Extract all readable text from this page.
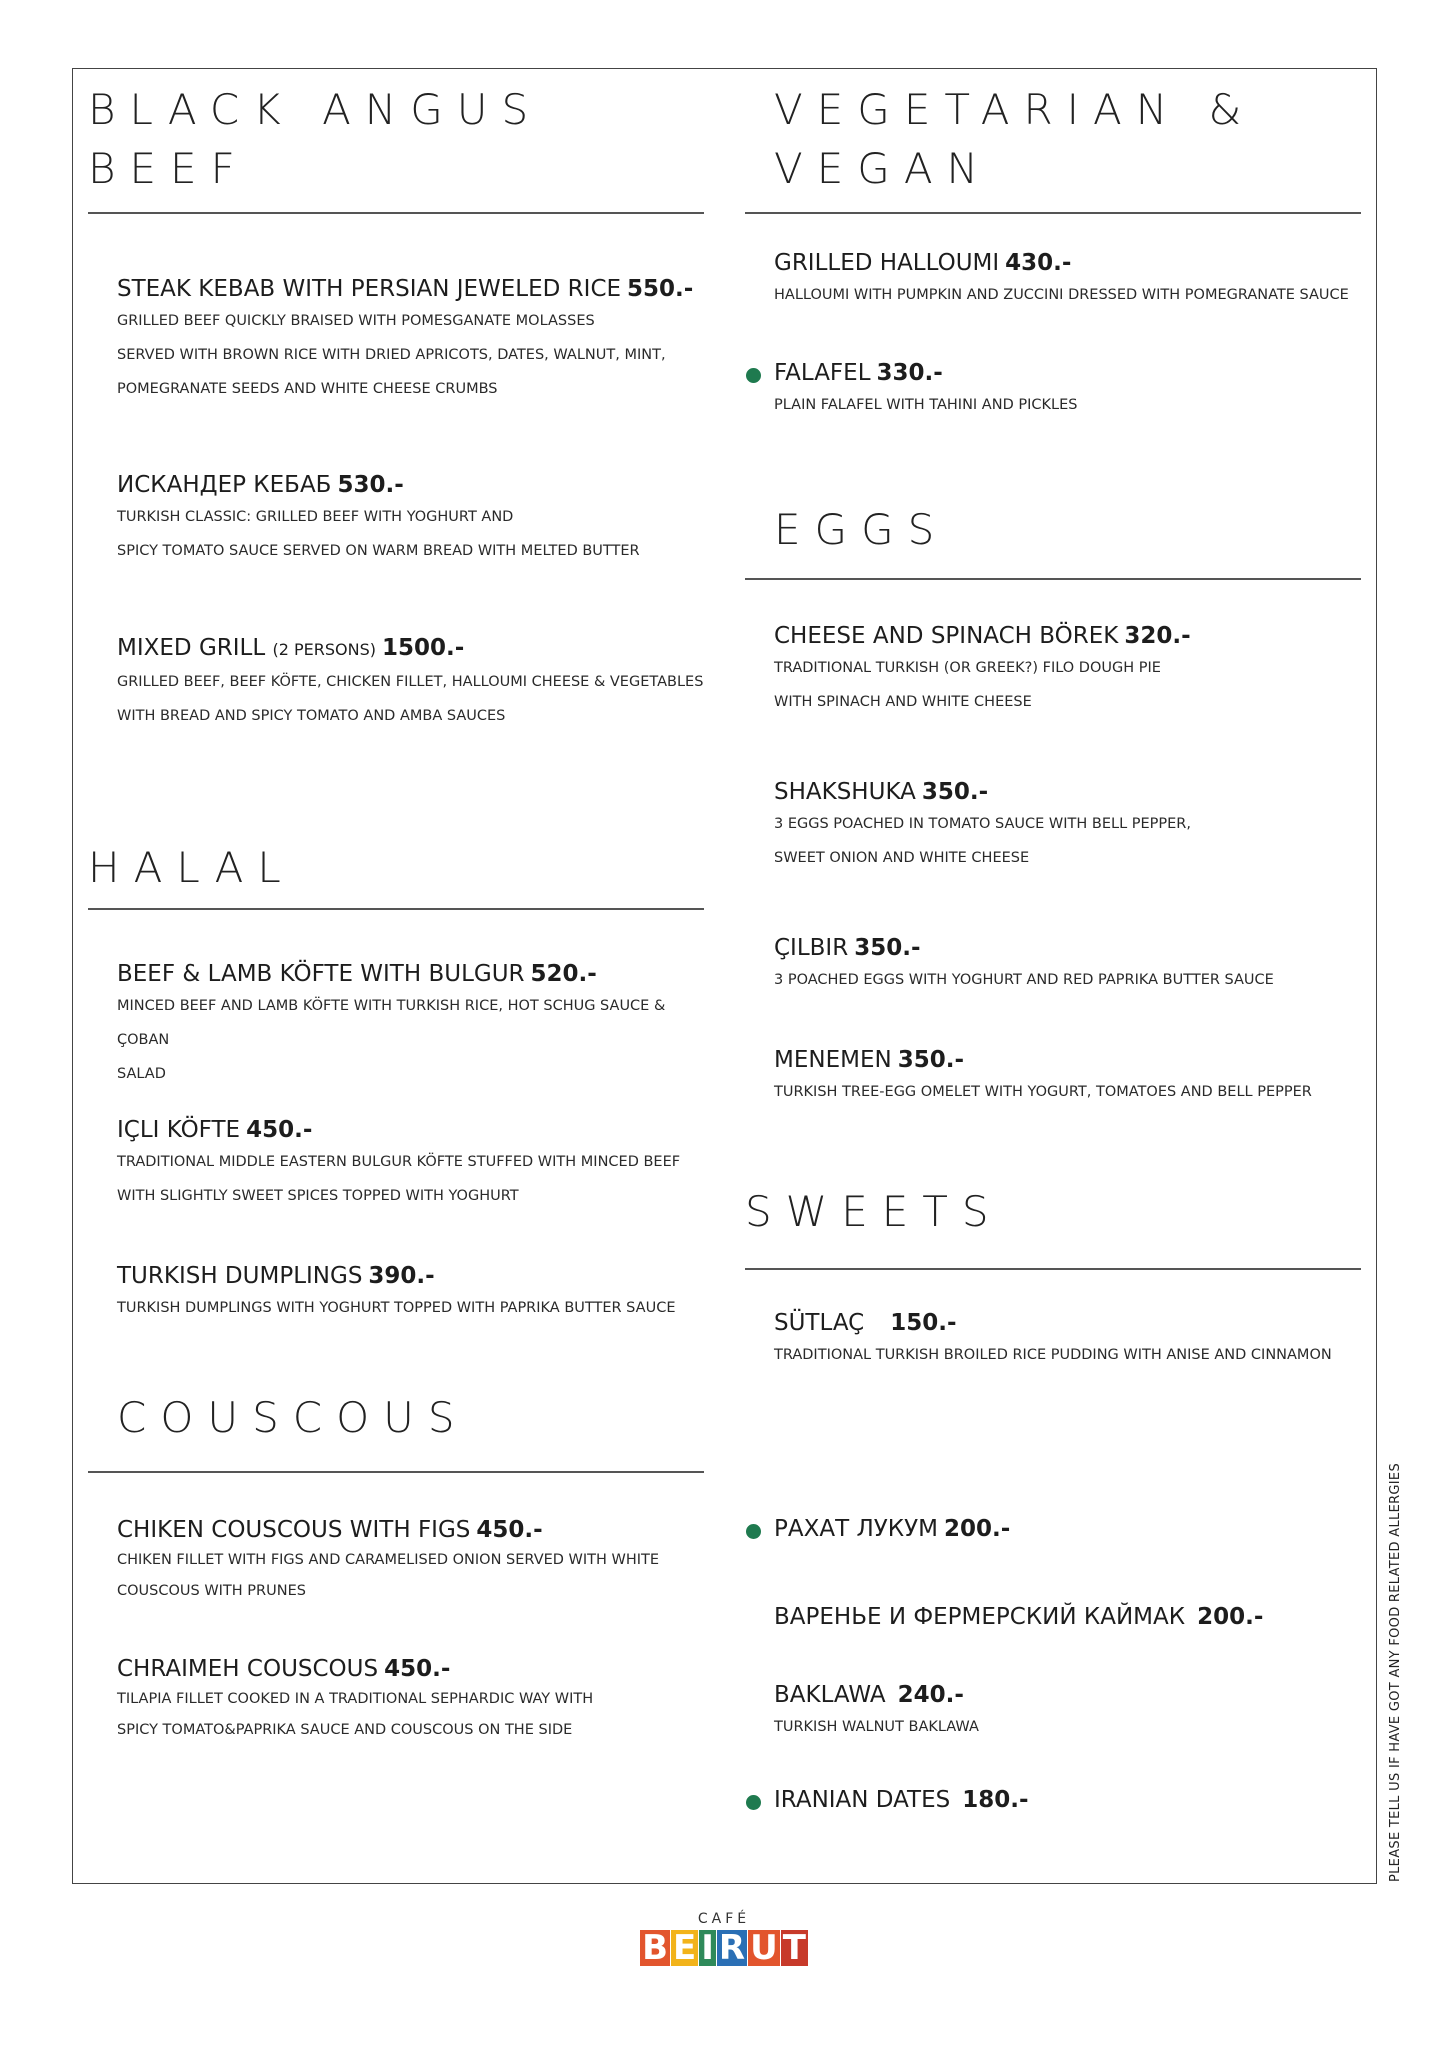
BLACK ANGUS
BEEF
STEAK KEBAB WITH PERSIAN JEWELED RICE 550.-
GRILLED BEEF QUICKLY BRAISED WITH POMESGANATE MOLASSES
SERVED WITH BROWN RICE WITH DRIED APRICOTS, DATES, WALNUT, MINT,
POMEGRANATE SEEDS AND WHITE CHEESE CRUMBS
ИСКАНДЕР КЕБАБ 530.-
TURKISH CLASSIC: GRILLED BEEF WITH YOGHURT AND
SPICY TOMATO SAUCE SERVED ON WARM BREAD WITH MELTED BUTTER
MIXED GRILL (2 PERSONS) 1500.-
GRILLED BEEF, BEEF KÖFTE, CHICKEN FILLET, HALLOUMI CHEESE & VEGETABLES
WITH BREAD AND SPICY TOMATO AND AMBA SAUCES
HALAL
BEEF & LAMB KÖFTE WITH BULGUR 520.-
MINCED BEEF AND LAMB KÖFTE WITH TURKISH RICE, HOT SCHUG SAUCE & ÇOBAN
SALAD
IÇLI KÖFTE 450.-
TRADITIONAL MIDDLE EASTERN BULGUR KÖFTE STUFFED WITH MINCED BEEF
WITH SLIGHTLY SWEET SPICES TOPPED WITH YOGHURT
TURKISH DUMPLINGS 390.-
TURKISH DUMPLINGS WITH YOGHURT TOPPED WITH PAPRIKA BUTTER SAUCE
COUSCOUS
CHIKEN COUSCOUS WITH FIGS 450.-
CHIKEN FILLET WITH FIGS AND CARAMELISED ONION SERVED WITH WHITE
COUSCOUS WITH PRUNES
CHRAIMEH COUSCOUS 450.-
TILAPIA FILLET COOKED IN A TRADITIONAL SEPHARDIC WAY WITH
SPICY TOMATO&PAPRIKA SAUCE AND COUSCOUS ON THE SIDE
VEGETARIAN &
VEGAN
GRILLED HALLOUMI 430.-
HALLOUMI WITH PUMPKIN AND ZUCCINI DRESSED WITH POMEGRANATE SAUCE
FALAFEL 330.-
PLAIN FALAFEL WITH TAHINI AND PICKLES
EGGS
CHEESE AND SPINACH BÖREK 320.-
TRADITIONAL TURKISH (OR GREEK?) FILO DOUGH PIE
WITH SPINACH AND WHITE CHEESE
SHAKSHUKA 350.-
3 EGGS POACHED IN TOMATO SAUCE WITH BELL PEPPER,
SWEET ONION AND WHITE CHEESE
ÇILBIR 350.-
3 POACHED EGGS WITH YOGHURT AND RED PAPRIKA BUTTER SAUCE
MENEMEN 350.-
TURKISH TREE-EGG OMELET WITH YOGURT, TOMATOES AND BELL PEPPER
SWEETS
SÜTLAÇ 150.-
TRADITIONAL TURKISH BROILED RICE PUDDING WITH ANISE AND CINNAMON
РАХАТ ЛУКУМ 200.-
ВАРЕНЬЕ И ФЕРМЕРСКИЙ КАЙМАК 200.-
BAKLAWA 240.-
TURKISH WALNUT BAKLAWA
IRANIAN DATES 180.-	PLEASE TELL US IF HAVE GOT ANY FOOD RELATED ALLERGIES
CAFÉ
B E I R U T
